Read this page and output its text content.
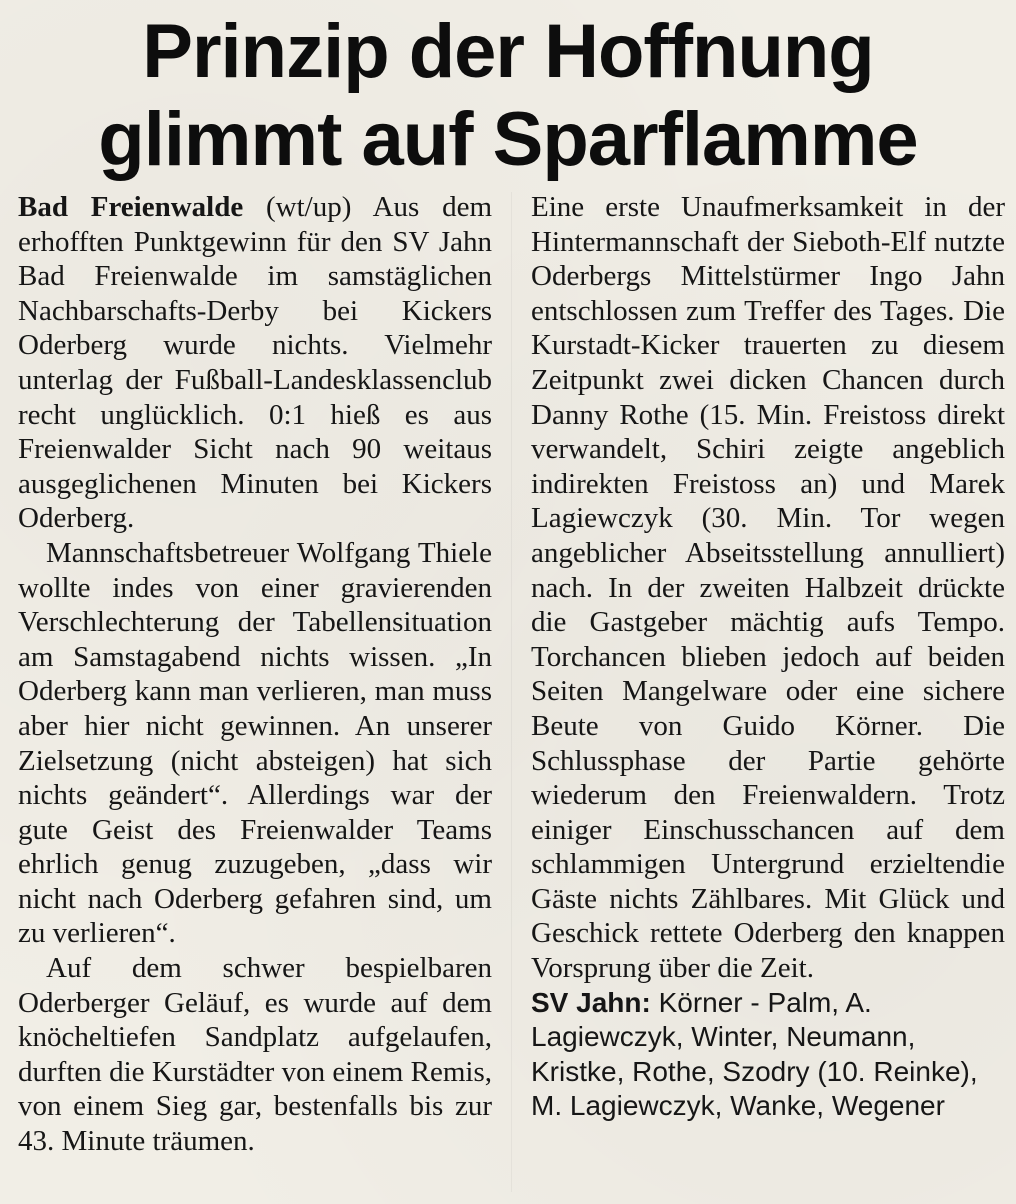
Prinzip der Hoffnung
glimmt auf Sparflamme

Bad Freienwalde (wt/up) Aus dem erhofften Punktgewinn für den SV Jahn Bad Freienwalde im samstäglichen Nachbarschafts-Derby bei Kickers Oderberg wurde nichts. Vielmehr unterlag der Fußball-Landesklassenclub recht unglücklich. 0:1 hieß es aus Freienwalder Sicht nach 90 weitaus ausgeglichenen Minuten bei Kickers Oderberg.

Mannschaftsbetreuer Wolfgang Thiele wollte indes von einer gravierenden Verschlechterung der Tabellensituation am Samstagabend nichts wissen. „In Oderberg kann man verlieren, man muss aber hier nicht gewinnen. An unserer Zielsetzung (nicht absteigen) hat sich nichts geändert“. Allerdings war der gute Geist des Freienwalder Teams ehrlich genug zuzugeben, „dass wir nicht nach Oderberg gefahren sind, um zu verlieren“.

Auf dem schwer bespielbaren Oderberger Geläuf, es wurde auf dem knöcheltiefen Sandplatz aufgelaufen, durften die Kurstädter von einem Remis, von einem Sieg gar, bestenfalls bis zur 43. Minute träumen.

Eine erste Unaufmerksamkeit in der Hintermannschaft der Sieboth-Elf nutzte Oderbergs Mittelstürmer Ingo Jahn entschlossen zum Treffer des Tages. Die Kurstadt-Kicker trauerten zu diesem Zeitpunkt zwei dicken Chancen durch Danny Rothe (15. Min. Freistoss direkt verwandelt, Schiri zeigte angeblich indirekten Freistoss an) und Marek Lagiewczyk (30. Min. Tor wegen angeblicher Abseitsstellung annulliert) nach. In der zweiten Halbzeit drückte die Gastgeber mächtig aufs Tempo. Torchancen blieben jedoch auf beiden Seiten Mangelware oder eine sichere Beute von Guido Körner. Die Schlussphase der Partie gehörte wiederum den Freienwaldern. Trotz einiger Einschusschancen auf dem schlammigen Untergrund erzieltendie Gäste nichts Zählbares. Mit Glück und Geschick rettete Oderberg den knappen Vorsprung über die Zeit.

SV Jahn: Körner - Palm, A. Lagiewczyk, Winter, Neumann, Kristke, Rothe, Szodry (10. Reinke), M. Lagiewczyk, Wanke, Wegener
